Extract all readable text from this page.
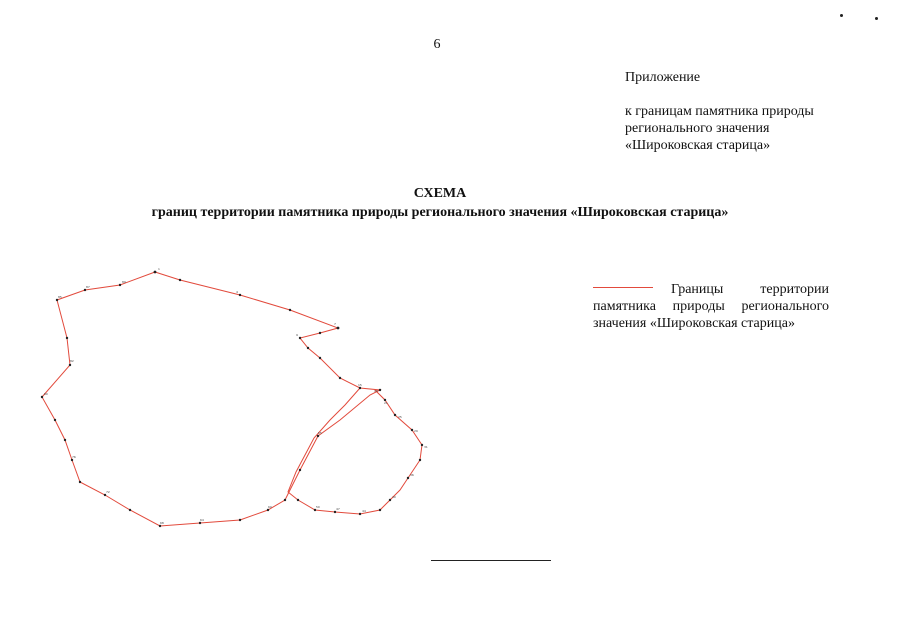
6
Приложение
к границам памятника природы регионального значения «Широковская старица»
СХЕМА
границ территории памятника природы регионального значения «Широковская старица»
Границы территории памятника природы регионального значения «Широковская старица»
1
4
7
9
15
18
21
25
29
31
36
40
44
47
50
55
60
64
68
72
76
80
82
85
87
89
